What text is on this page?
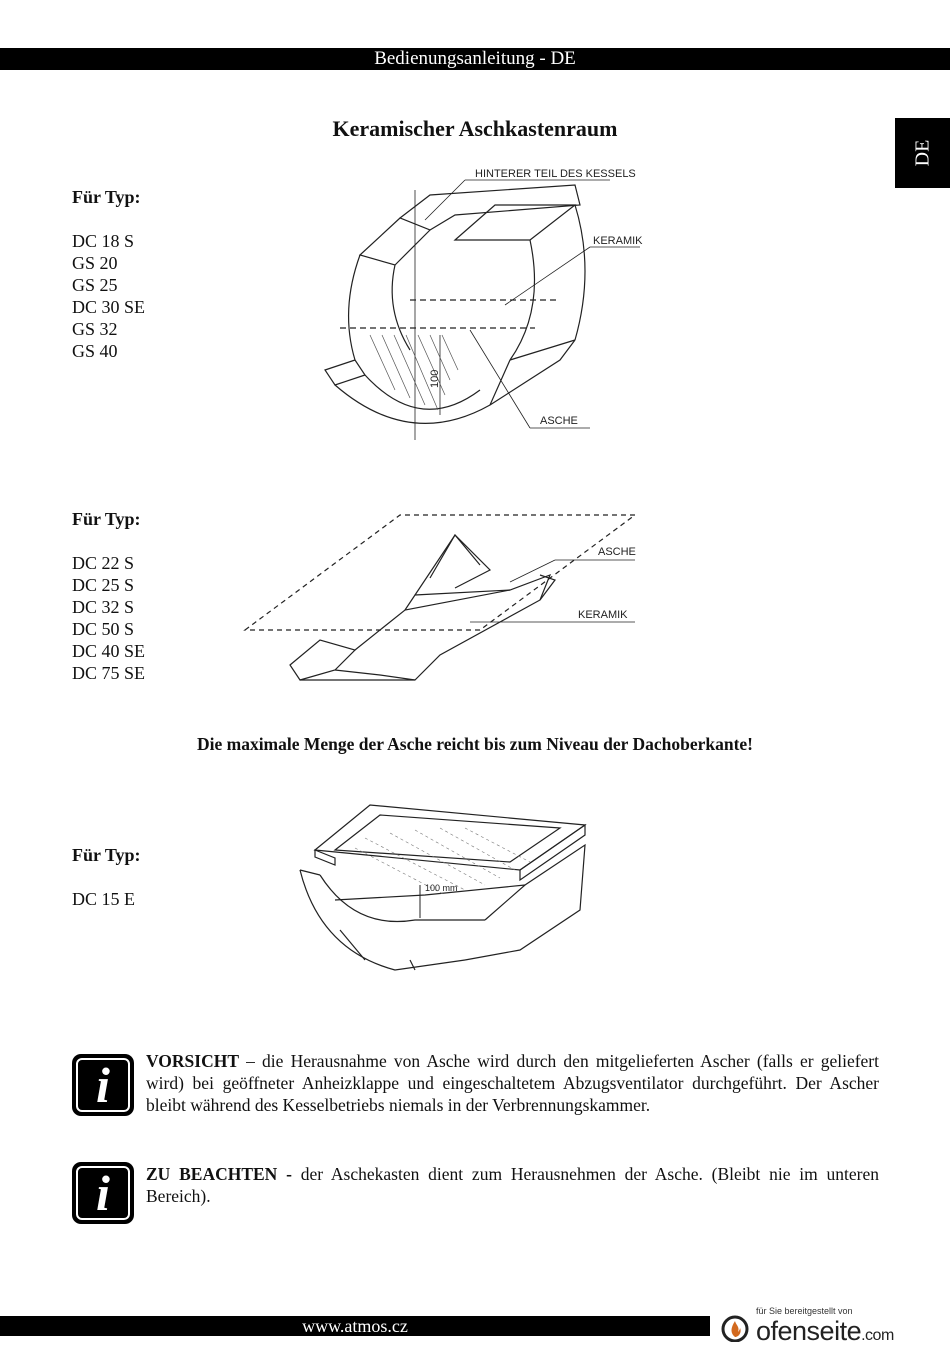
Bedienungsanleitung - DE
DE
Keramischer Aschkastenraum
Für Typ:
DC 18 S
GS 20
GS 25
DC 30 SE
GS 32
GS 40
HINTERER TEIL DES KESSELS
KERAMIK
ASCHE
100
Für Typ:
DC 22 S
DC 25 S
DC 32 S
DC 50 S
DC 40 SE
DC 75 SE
ASCHE
KERAMIK
Die maximale Menge der Asche reicht bis zum Niveau der Dachoberkante!
Für Typ:
DC 15 E
100 mm
i	VORSICHT – die Herausnahme von Asche wird durch den mitgelieferten Ascher (falls er geliefert wird) bei geöffneter Anheizklappe und eingeschaltetem Abzugsventilator durchgeführt. Der Ascher bleibt während des Kesselbetriebs niemals in der Verbrennungskammer.
i	ZU BEACHTEN - der Aschekasten dient zum Herausnehmen der Asche. (Bleibt nie im unteren Bereich).
www.atmos.cz
für Sie bereitgestellt von
ofenseite.com
